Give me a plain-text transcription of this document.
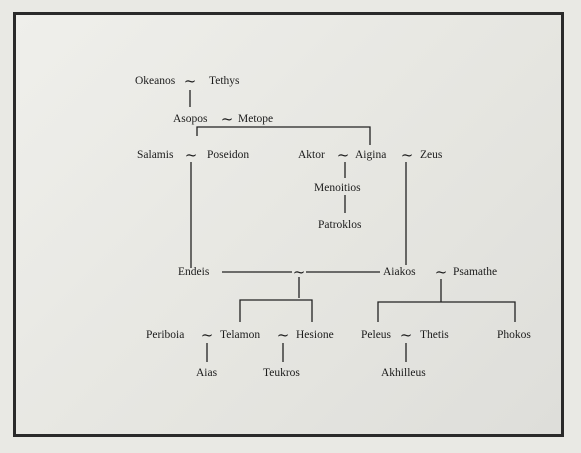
~
~
~	~	~
~	~
~	~	~
Okeanos	Tethys
Asopos	Metope
Salamis	Poseidon	Aktor	Aigina	Zeus
Menoitios
Patroklos
Endeis	Aiakos	Psamathe
Periboia	Telamon	Hesione Peleus	Thetis	Phokos
Aias	Teukros	Akhilleus
